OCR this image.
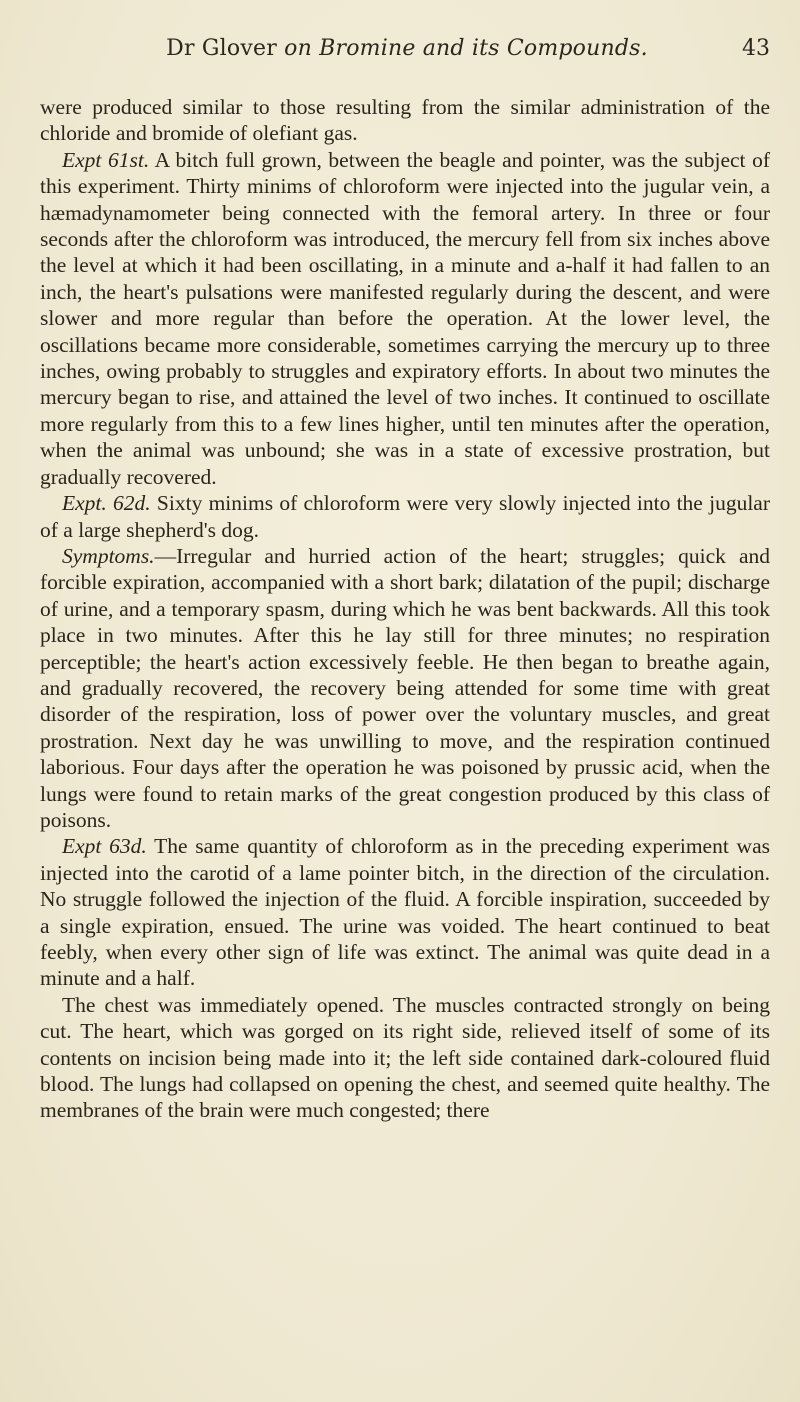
Dr Glover on Bromine and its Compounds.	43

were produced similar to those resulting from the similar administration of the chloride and bromide of olefiant gas.

Expt 61st. A bitch full grown, between the beagle and pointer, was the subject of this experiment. Thirty minims of chloroform were injected into the jugular vein, a hæmadynamometer being connected with the femoral artery. In three or four seconds after the chloroform was introduced, the mercury fell from six inches above the level at which it had been oscillating, in a minute and a-half it had fallen to an inch, the heart's pulsations were manifested regularly during the descent, and were slower and more regular than before the operation. At the lower level, the oscillations became more considerable, sometimes carrying the mercury up to three inches, owing probably to struggles and expiratory efforts. In about two minutes the mercury began to rise, and attained the level of two inches. It continued to oscillate more regularly from this to a few lines higher, until ten minutes after the operation, when the animal was unbound; she was in a state of excessive prostration, but gradually recovered.

Expt. 62d. Sixty minims of chloroform were very slowly injected into the jugular of a large shepherd's dog.

Symptoms.—Irregular and hurried action of the heart; struggles; quick and forcible expiration, accompanied with a short bark; dilatation of the pupil; discharge of urine, and a temporary spasm, during which he was bent backwards. All this took place in two minutes. After this he lay still for three minutes; no respiration perceptible; the heart's action excessively feeble. He then began to breathe again, and gradually recovered, the recovery being attended for some time with great disorder of the respiration, loss of power over the voluntary muscles, and great prostration. Next day he was unwilling to move, and the respiration continued laborious. Four days after the operation he was poisoned by prussic acid, when the lungs were found to retain marks of the great congestion produced by this class of poisons.

Expt 63d. The same quantity of chloroform as in the preceding experiment was injected into the carotid of a lame pointer bitch, in the direction of the circulation. No struggle followed the injection of the fluid. A forcible inspiration, succeeded by a single expiration, ensued. The urine was voided. The heart continued to beat feebly, when every other sign of life was extinct. The animal was quite dead in a minute and a half.

The chest was immediately opened. The muscles contracted strongly on being cut. The heart, which was gorged on its right side, relieved itself of some of its contents on incision being made into it; the left side contained dark-coloured fluid blood. The lungs had collapsed on opening the chest, and seemed quite healthy. The membranes of the brain were much congested; there
